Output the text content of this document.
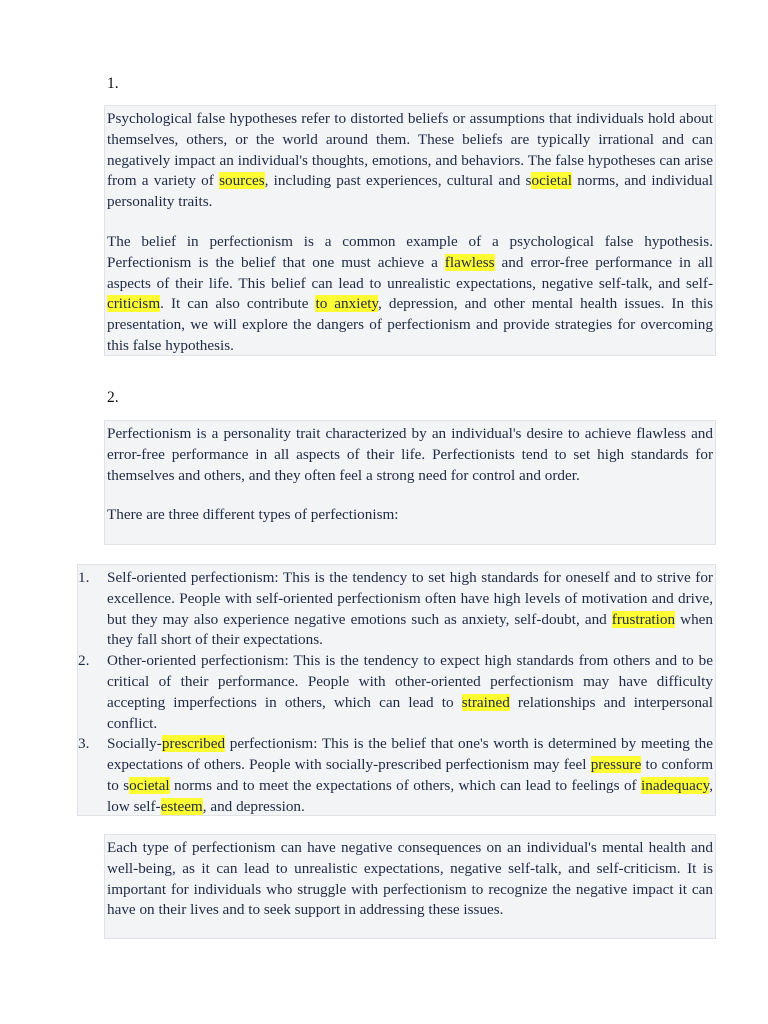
1.

Psychological false hypotheses refer to distorted beliefs or assumptions that individuals hold about themselves, others, or the world around them. These beliefs are typically irrational and can negatively impact an individual's thoughts, emotions, and behaviors. The false hypotheses can arise from a variety of sources, including past experiences, cultural and societal norms, and individual personality traits.

The belief in perfectionism is a common example of a psychological false hypothesis. Perfectionism is the belief that one must achieve a flawless and error-free performance in all aspects of their life. This belief can lead to unrealistic expectations, negative self-talk, and self-criticism. It can also contribute to anxiety, depression, and other mental health issues. In this presentation, we will explore the dangers of perfectionism and provide strategies for overcoming this false hypothesis.

2.

Perfectionism is a personality trait characterized by an individual's desire to achieve flawless and error-free performance in all aspects of their life. Perfectionists tend to set high standards for themselves and others, and they often feel a strong need for control and order.

There are three different types of perfectionism:

1.	Self-oriented perfectionism: This is the tendency to set high standards for oneself and to strive for excellence. People with self-oriented perfectionism often have high levels of motivation and drive, but they may also experience negative emotions such as anxiety, self-doubt, and frustration when they fall short of their expectations.
2.	Other-oriented perfectionism: This is the tendency to expect high standards from others and to be critical of their performance. People with other-oriented perfectionism may have difficulty accepting imperfections in others, which can lead to strained relationships and interpersonal conflict.
3.	Socially-prescribed perfectionism: This is the belief that one's worth is determined by meeting the expectations of others. People with socially-prescribed perfectionism may feel pressure to conform to societal norms and to meet the expectations of others, which can lead to feelings of inadequacy, low self-esteem, and depression.

Each type of perfectionism can have negative consequences on an individual's mental health and well-being, as it can lead to unrealistic expectations, negative self-talk, and self-criticism. It is important for individuals who struggle with perfectionism to recognize the negative impact it can have on their lives and to seek support in addressing these issues.
